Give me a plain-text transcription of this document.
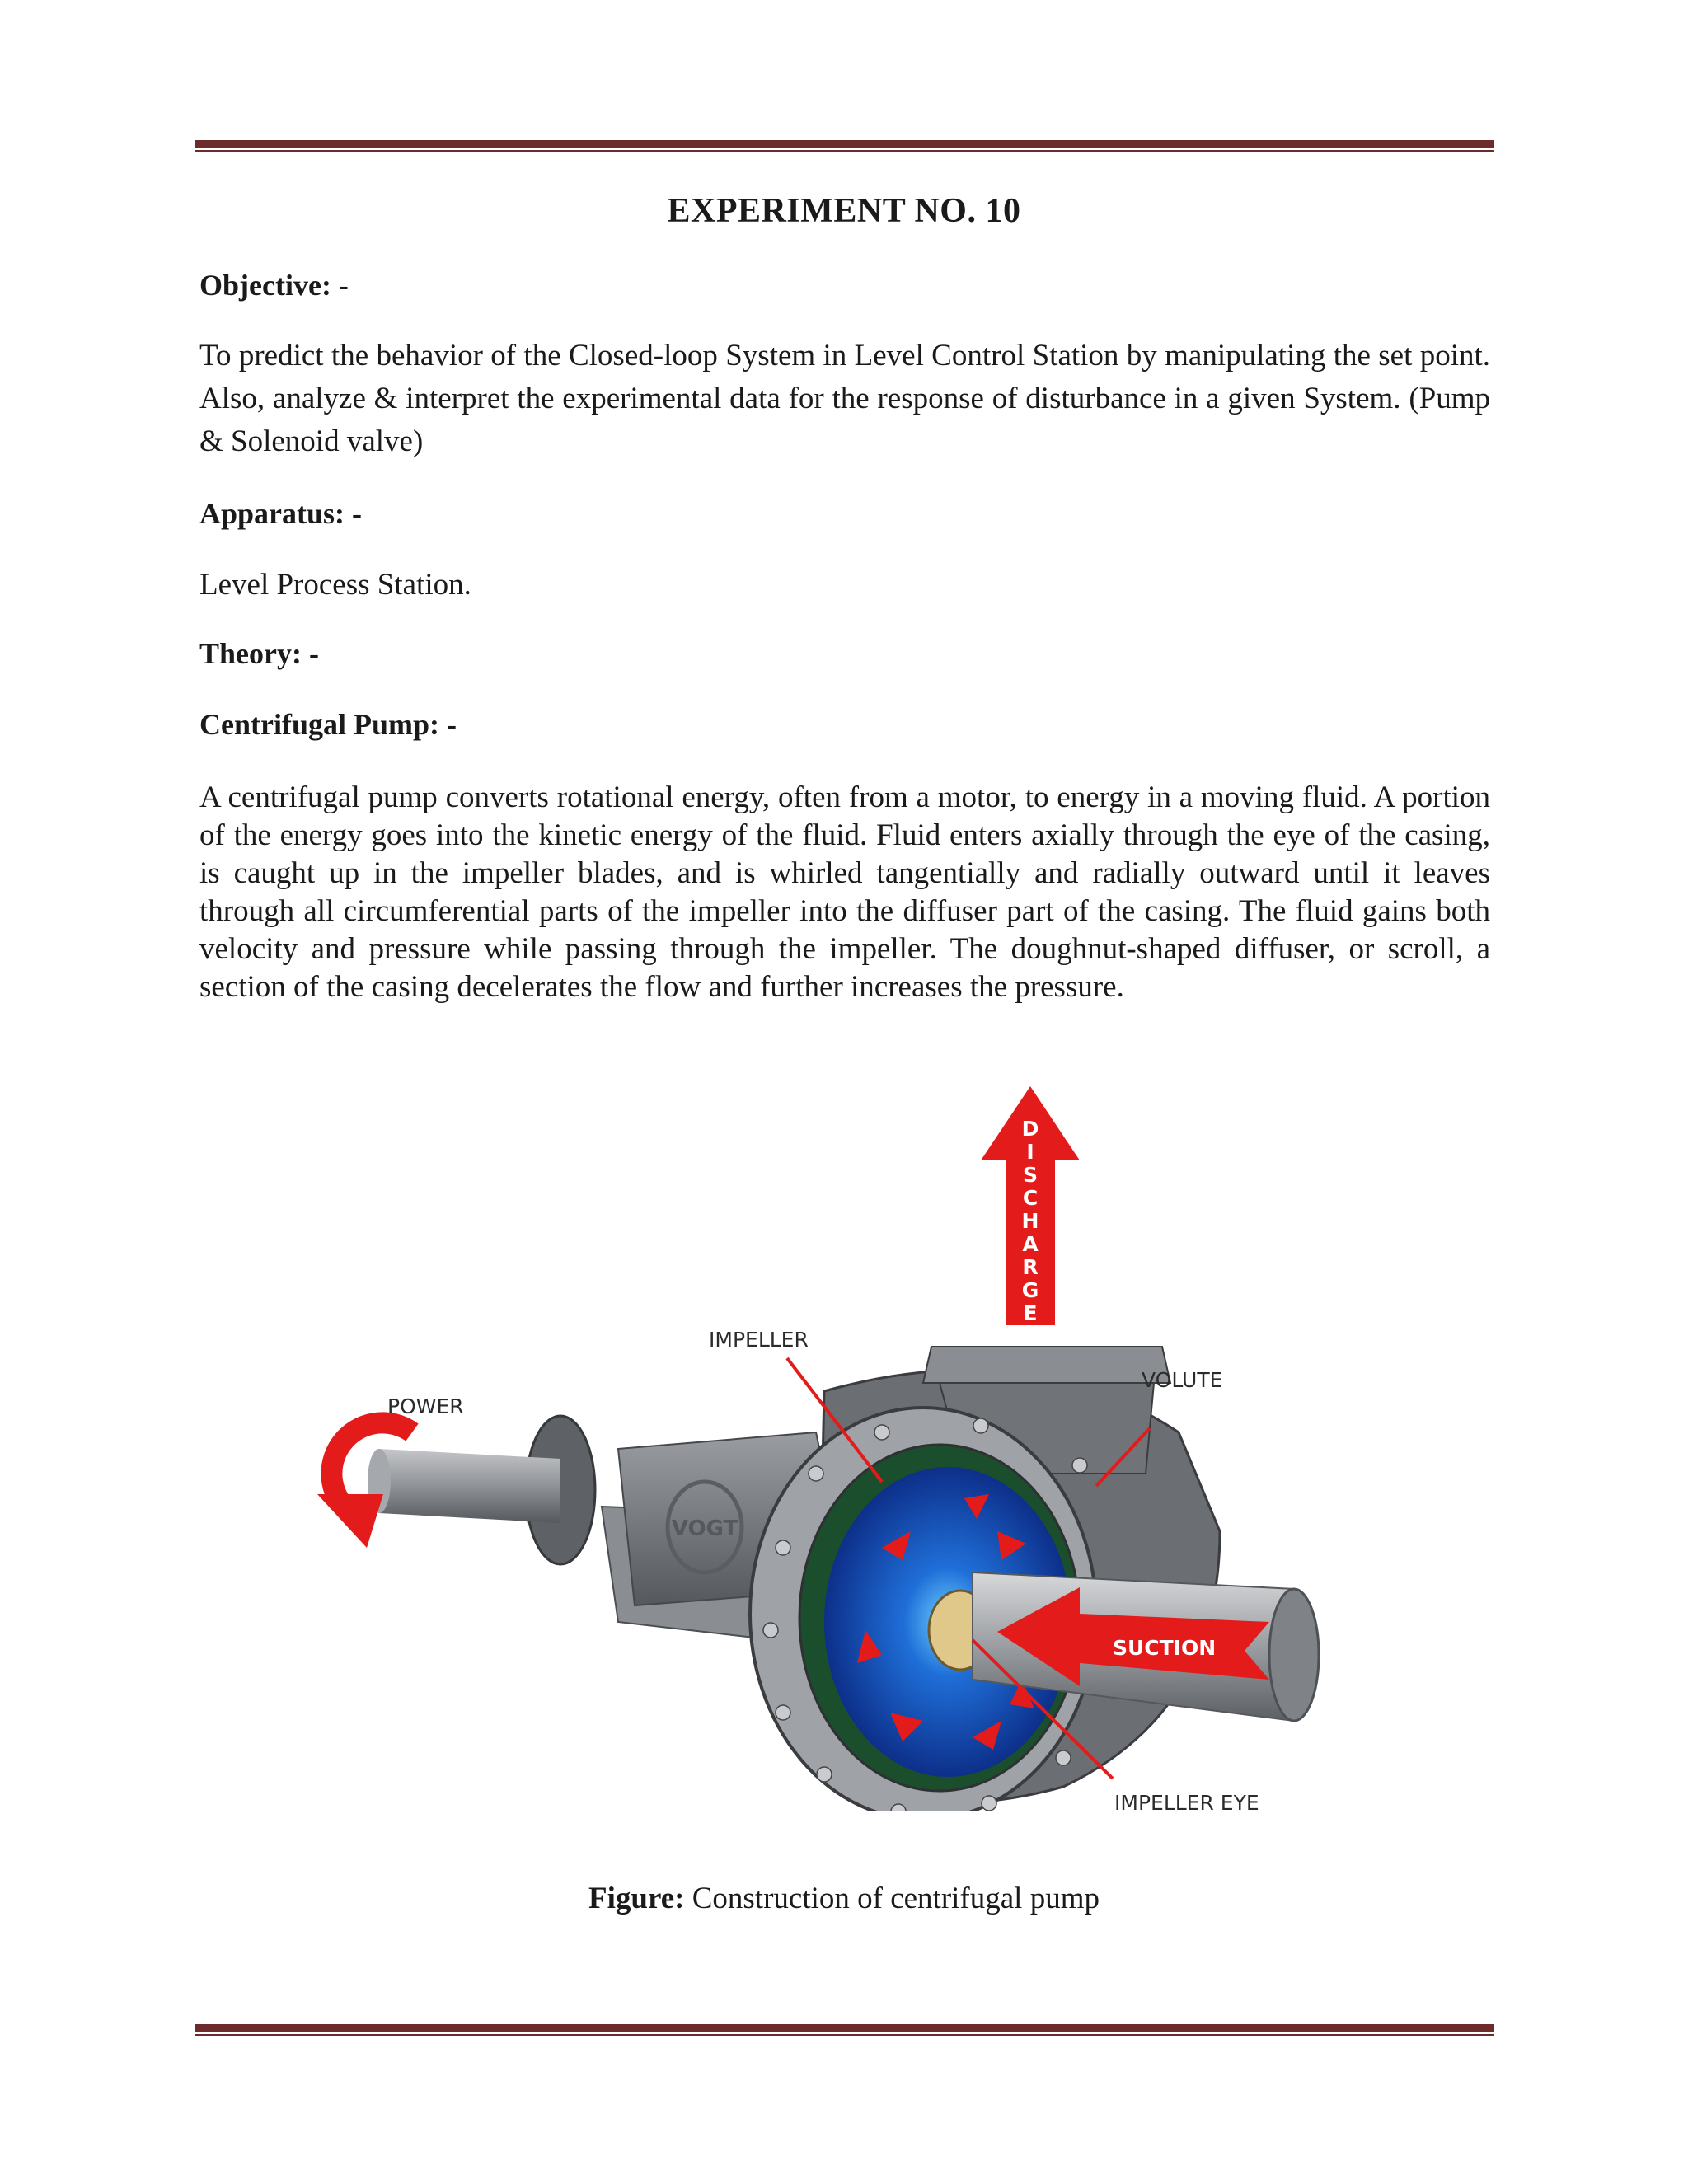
EXPERIMENT NO. 10
Objective: -
To predict the behavior of the Closed-loop System in Level Control Station by manipulating the set point. Also, analyze & interpret the experimental data for the response of disturbance in a given System. (Pump & Solenoid valve)
Apparatus: -
Level Process Station.
Theory: -
Centrifugal Pump: -
A centrifugal pump converts rotational energy, often from a motor, to energy in a moving fluid. A portion of the energy goes into the kinetic energy of the fluid. Fluid enters axially through the eye of the casing, is caught up in the impeller blades, and is whirled tangentially and radially outward until it leaves through all circumferential parts of the impeller into the diffuser part of the casing. The fluid gains both velocity and pressure while passing through the impeller. The doughnut-shaped diffuser, or scroll, a section of the casing decelerates the flow and further increases the pressure.
VOGT
POWER
SUCTION
D
I
S
C
H
A
R
G
E
IMPELLER
VOLUTE
IMPELLER EYE
Figure: Construction of centrifugal pump
